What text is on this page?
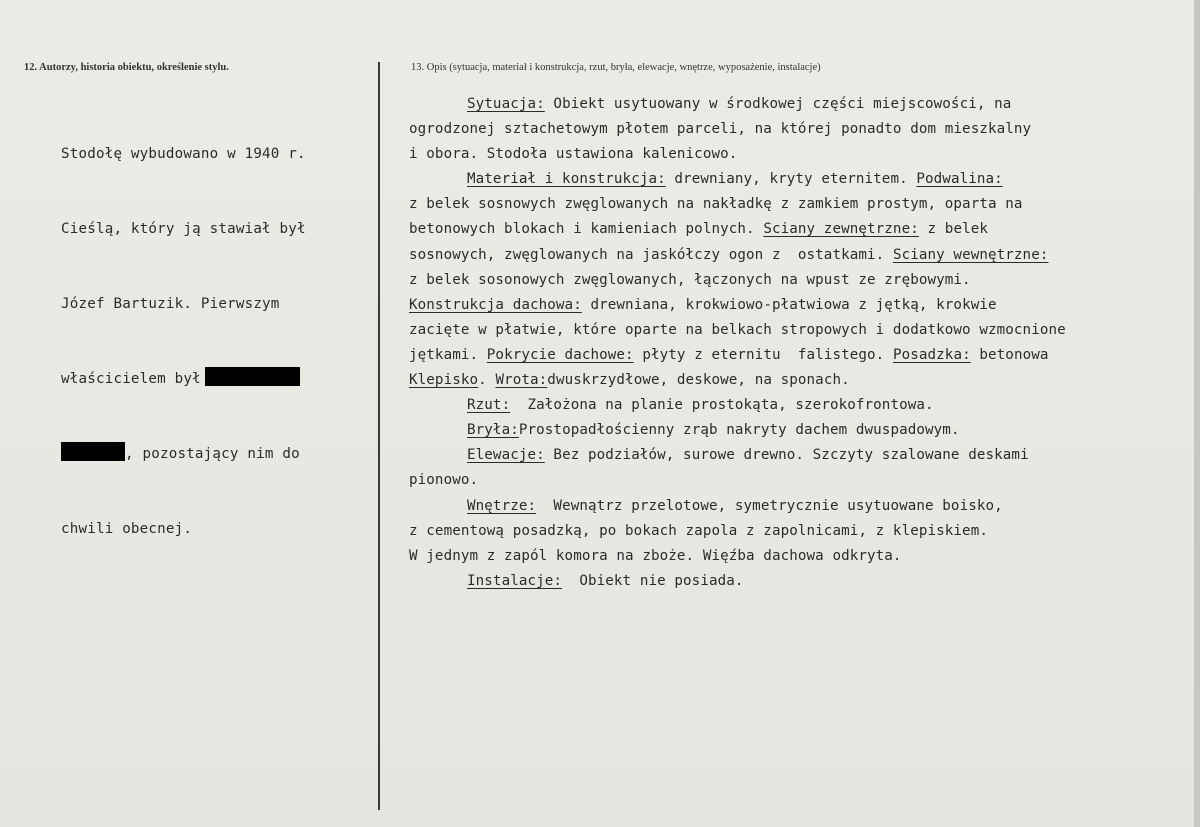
12. Autorzy, historia obiektu, określenie stylu.	13. Opis (sytuacja, materiał i konstrukcja, rzut, bryła, elewacje, wnętrze, wyposażenie, instalacje)

Stodołę wybudowano w 1940 r.

Cieślą, który ją stawiał był

Józef Bartuzik. Pierwszym

właścicielem był

, pozostający nim do

chwili obecnej.

Sytuacja: Obiekt usytuowany w środkowej części miejscowości, na
ogrodzonej sztachetowym płotem parceli, na której ponadto dom mieszkalny
i obora. Stodoła ustawiona kalenicowo.
Materiał i konstrukcja: drewniany, kryty eternitem. Podwalina:
z belek sosnowych zwęglowanych na nakładkę z zamkiem prostym, oparta na
betonowych blokach i kamieniach polnych. Sciany zewnętrzne: z belek
sosnowych, zwęglowanych na jaskółczy ogon z  ostatkami. Sciany wewnętrzne:
z belek sosonowych zwęglowanych, łączonych na wpust ze zrębowymi.
Konstrukcja dachowa: drewniana, krokwiowo-płatwiowa z jętką, krokwie
zacięte w płatwie, które oparte na belkach stropowych i dodatkowo wzmocnione
jętkami. Pokrycie dachowe: płyty z eternitu  falistego. Posadzka: betonowa
Klepisko. Wrota:dwuskrzydłowe, deskowe, na sponach.
Rzut:  Założona na planie prostokąta, szerokofrontowa.
Bryła:Prostopadłościenny zrąb nakryty dachem dwuspadowym.
Elewacje: Bez podziałów, surowe drewno. Szczyty szalowane deskami
pionowo.
Wnętrze:  Wewnątrz przelotowe, symetrycznie usytuowane boisko,
z cementową posadzką, po bokach zapola z zapolnicami, z klepiskiem.
W jednym z zapól komora na zboże. Więźba dachowa odkryta.
Instalacje:  Obiekt nie posiada.
